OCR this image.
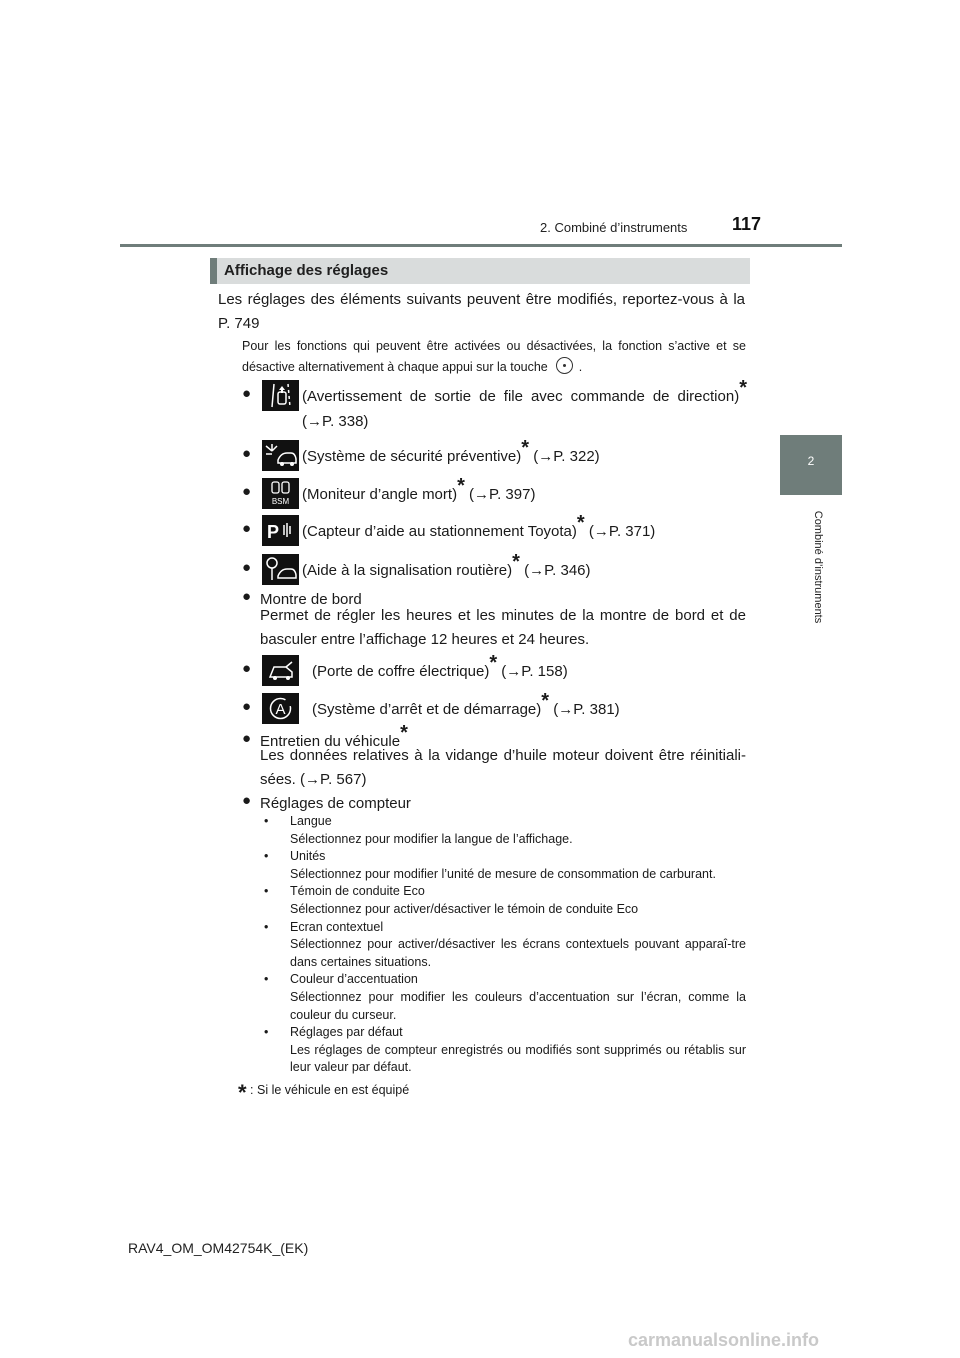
2. Combiné d’instruments 117
2
Combiné d’instruments
Affichage des réglages
Les réglages des éléments suivants peuvent être modifiés, reportez-vous à la P. 749
Pour les fonctions qui peuvent être activées ou désactivées, la fonction s’active et se désactive alternativement à chaque appui sur la touche .
●	(Avertissement de sortie de file avec commande de direction)*
(→P. 338)
●	(Système de sécurité préventive)* (→P. 322)
●
BSM (Moniteur d’angle mort)* (→P. 397)
● P (Capteur d’aide au stationnement Toyota)* (→P. 371)
●	(Aide à la signalisation routière)* (→P. 346)
● Montre de bord
Permet de régler les heures et les minutes de la montre de bord et de basculer entre l’affichage 12 heures et 24 heures.
●	(Porte de coffre électrique)* (→P. 158)
● A (Système d’arrêt et de démarrage)* (→P. 381)
● Entretien du véhicule*
Les données relatives à la vidange d’huile moteur doivent être réinitiali-sées. (→P. 567)
● Réglages de compteur
• Langue
Sélectionnez pour modifier la langue de l’affichage.
• Unités
Sélectionnez pour modifier l’unité de mesure de consommation de carburant.
• Témoin de conduite Eco
Sélectionnez pour activer/désactiver le témoin de conduite Eco
• Ecran contextuel
Sélectionnez pour activer/désactiver les écrans contextuels pouvant apparaî-tre dans certaines situations.
• Couleur d’accentuation
Sélectionnez pour modifier les couleurs d’accentuation sur l’écran, comme la couleur du curseur.
• Réglages par défaut
Les réglages de compteur enregistrés ou modifiés sont supprimés ou rétablis sur leur valeur par défaut.
* : Si le véhicule en est équipé
RAV4_OM_OM42754K_(EK)
carmanualsonline.info
